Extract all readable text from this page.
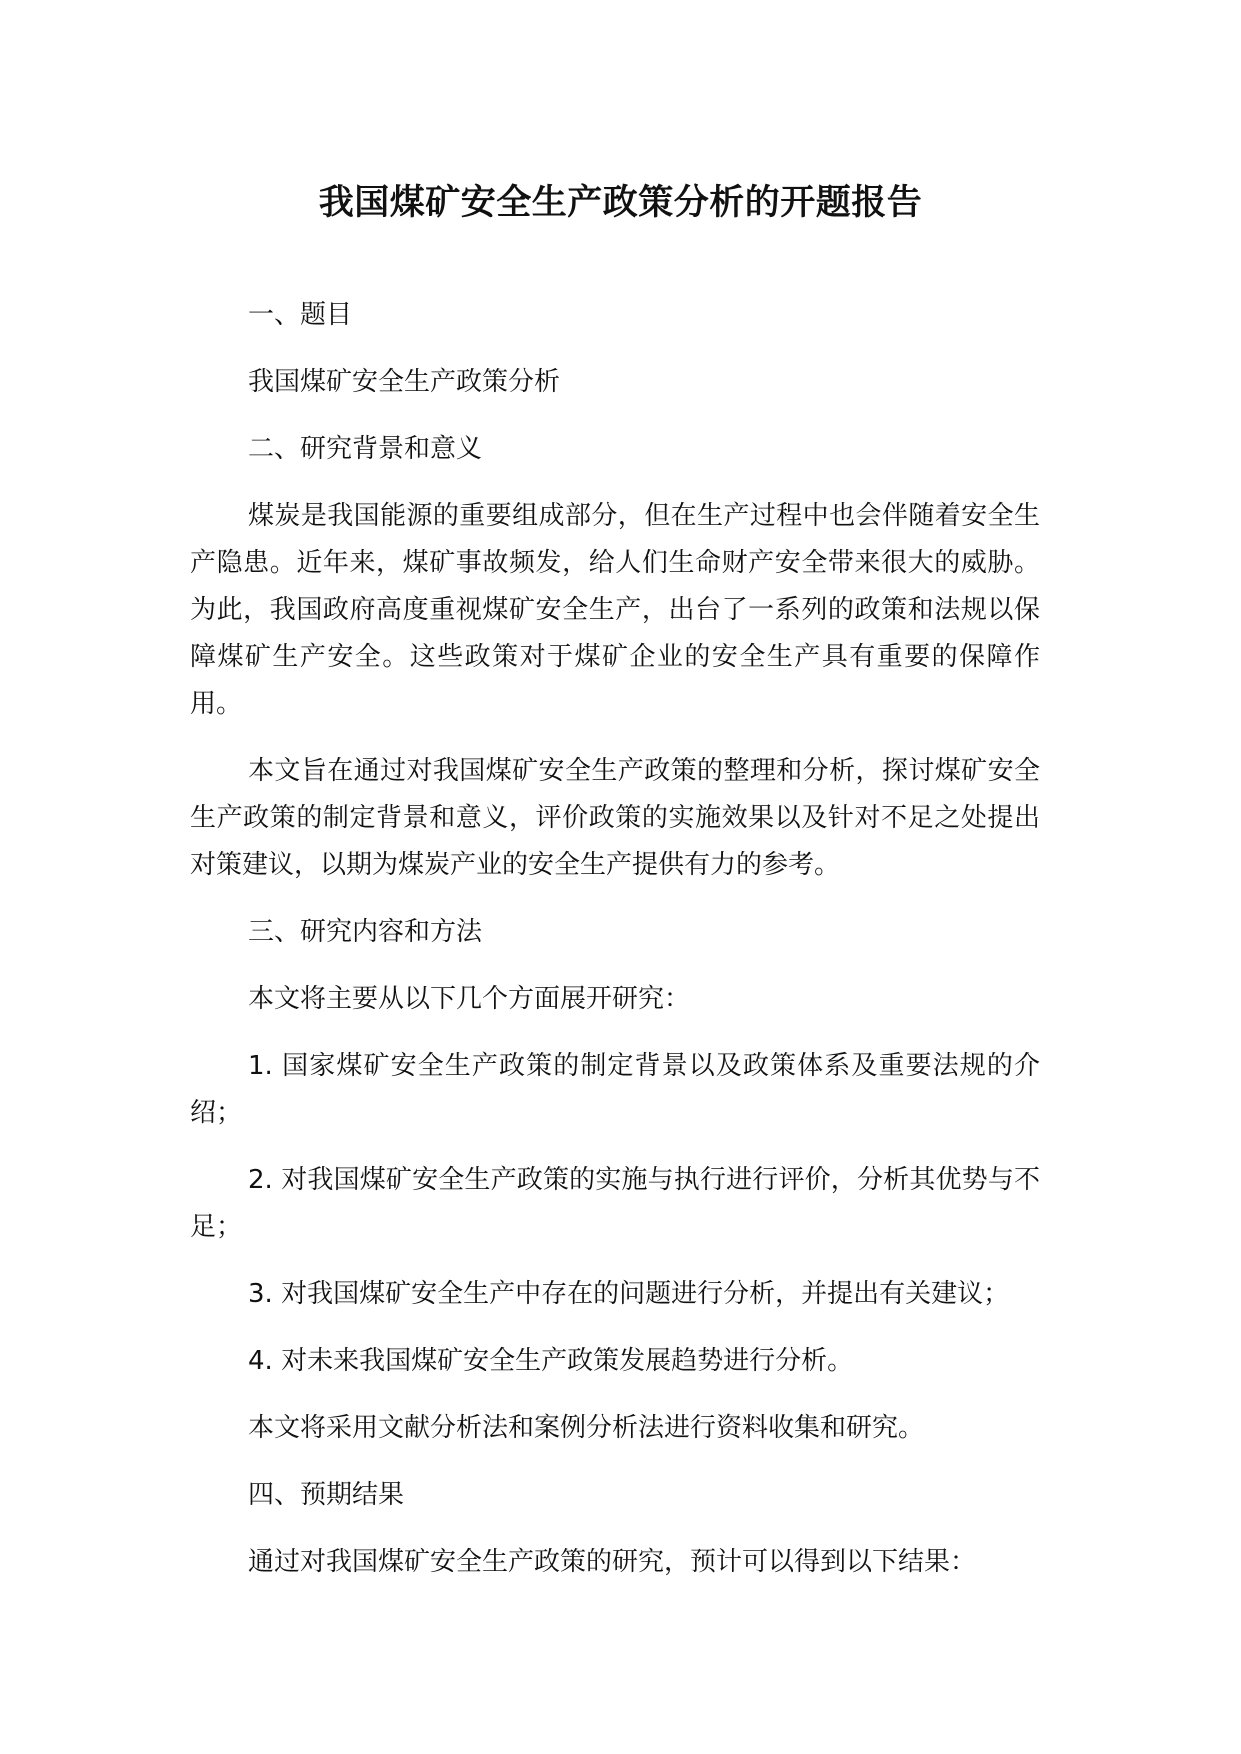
我国煤矿安全生产政策分析的开题报告

一、题目

我国煤矿安全生产政策分析

二、研究背景和意义

煤炭是我国能源的重要组成部分，但在生产过程中也会伴随着安全生产隐患。近年来，煤矿事故频发，给人们生命财产安全带来很大的威胁。为此，我国政府高度重视煤矿安全生产，出台了一系列的政策和法规以保障煤矿生产安全。这些政策对于煤矿企业的安全生产具有重要的保障作用。

本文旨在通过对我国煤矿安全生产政策的整理和分析，探讨煤矿安全生产政策的制定背景和意义，评价政策的实施效果以及针对不足之处提出对策建议，以期为煤炭产业的安全生产提供有力的参考。

三、研究内容和方法

本文将主要从以下几个方面展开研究：

1. 国家煤矿安全生产政策的制定背景以及政策体系及重要法规的介绍；

2. 对我国煤矿安全生产政策的实施与执行进行评价，分析其优势与不足；

3. 对我国煤矿安全生产中存在的问题进行分析，并提出有关建议；

4. 对未来我国煤矿安全生产政策发展趋势进行分析。

本文将采用文献分析法和案例分析法进行资料收集和研究。

四、预期结果

通过对我国煤矿安全生产政策的研究，预计可以得到以下结果：
